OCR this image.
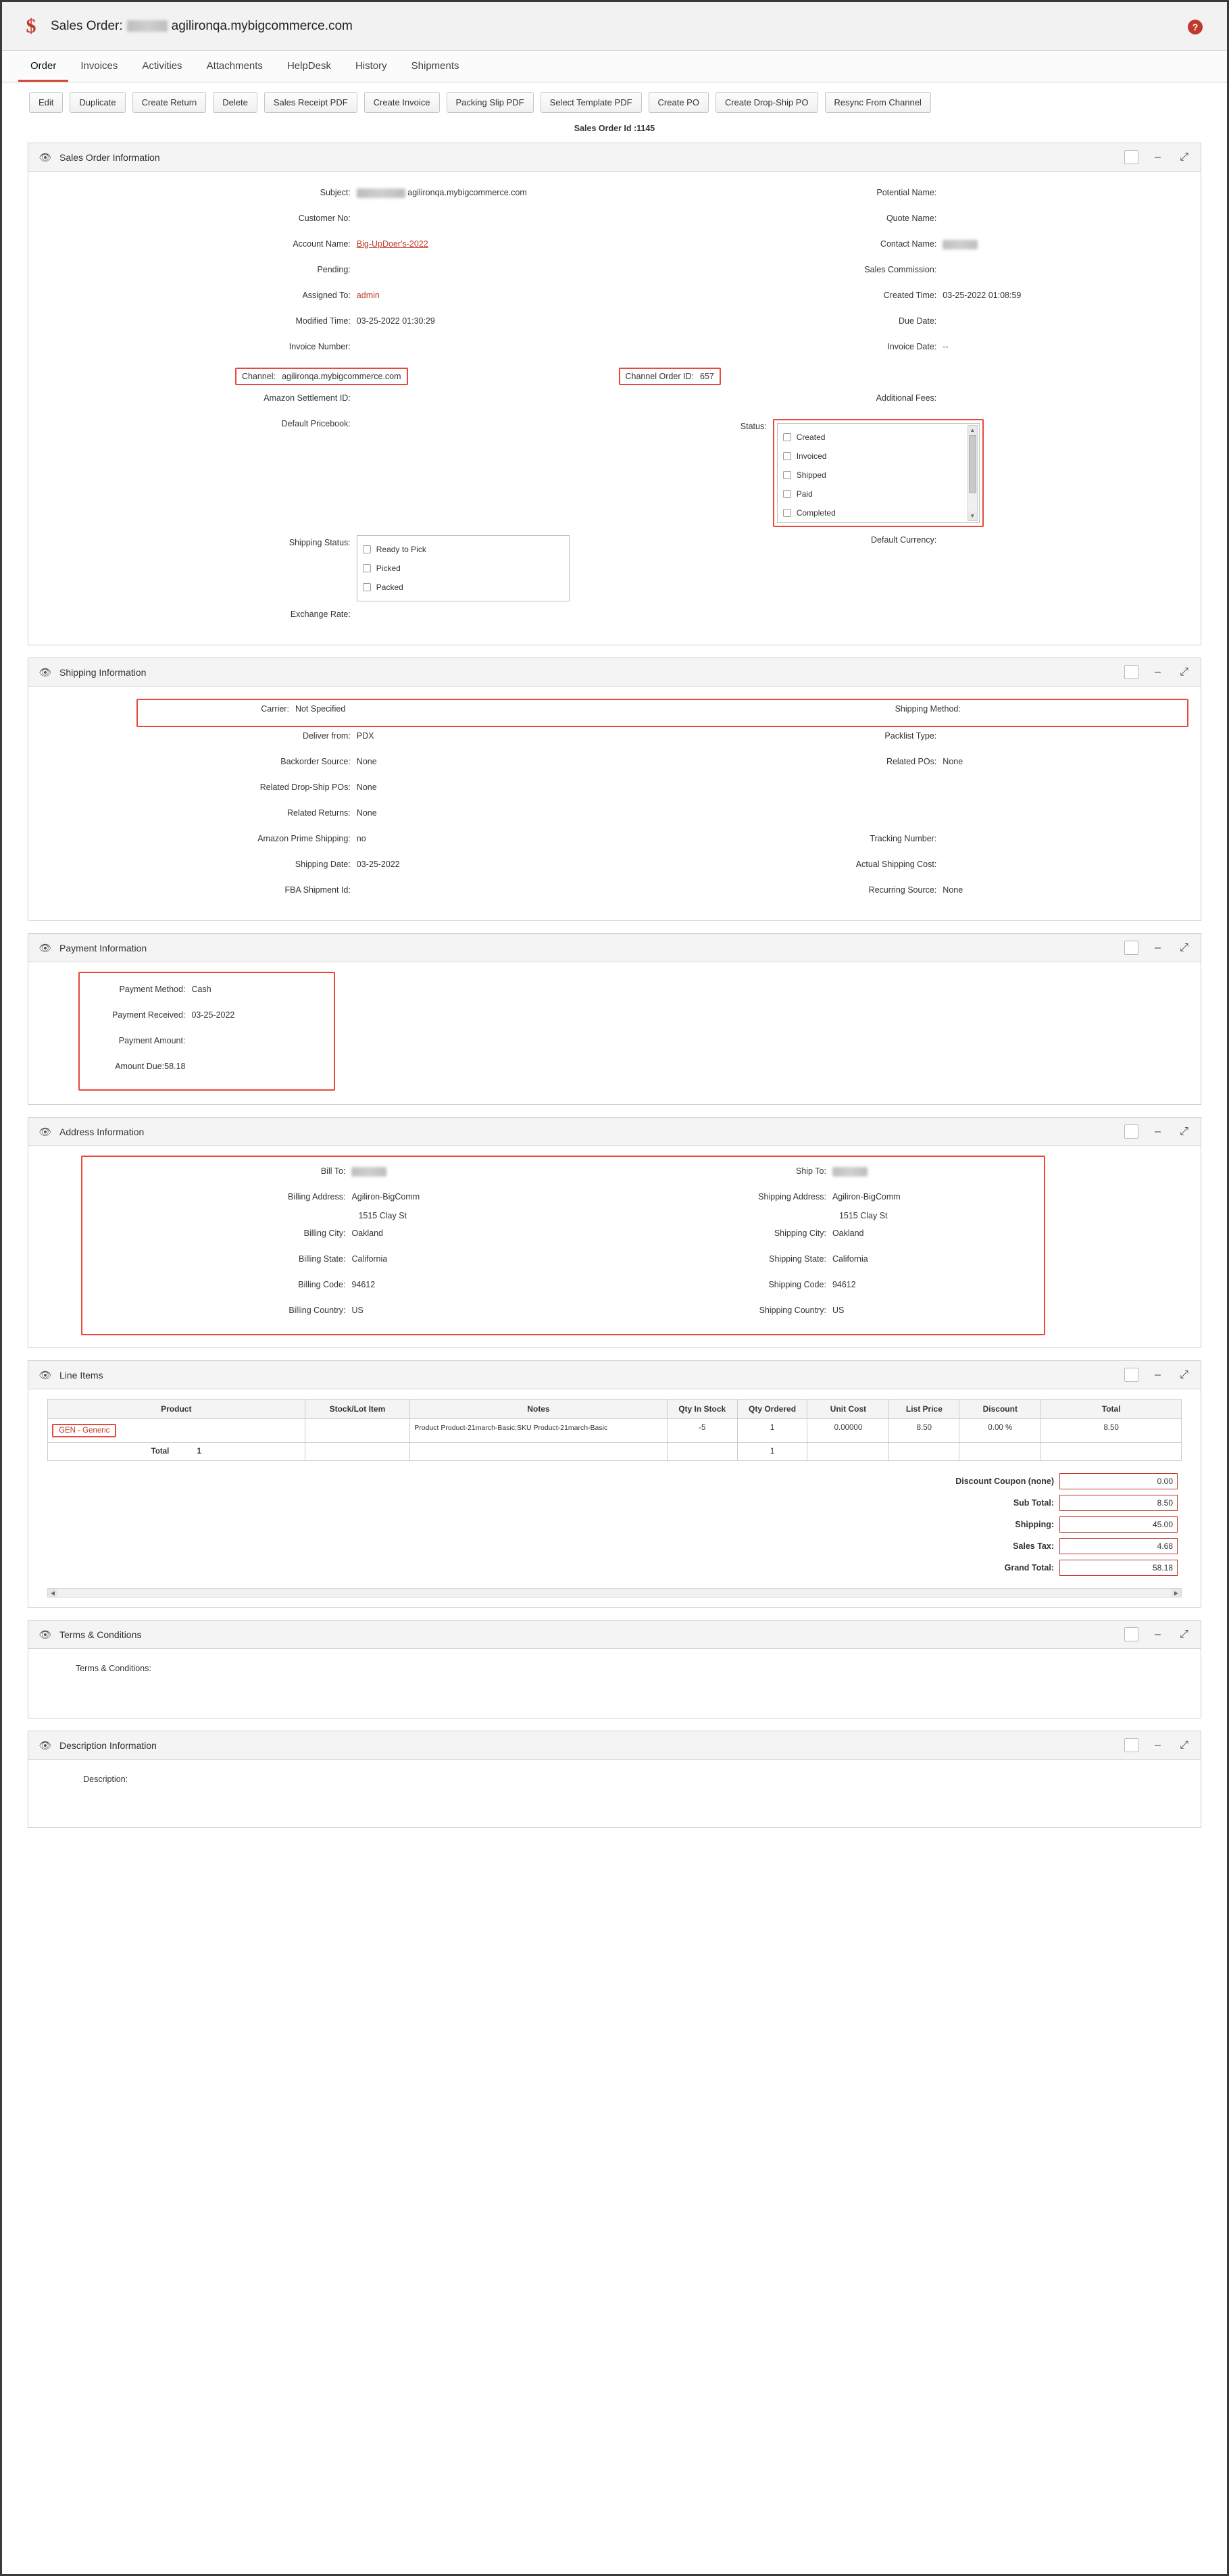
$	Sales Order:	agilironqa.mybigcommerce.com	?
Order	Invoices	Activities	Attachments	HelpDesk	History	Shipments
Edit	Duplicate	Create Return	Delete	Sales Receipt PDF	Create Invoice	Packing Slip PDF	Select Template PDF	Create PO	Create Drop-Ship PO	Resync From Channel
Sales Order Id :1145
👁 Sales Order Information	–	⤢
Subject:	agilironqa.mybigcommerce.com	Potential Name:
Customer No:	Quote Name:
Account Name: Big-UpDoer's-2022	Contact Name:
Pending:	Sales Commission:
Assigned To: admin	Created Time: 03-25-2022 01:08:59
Modified Time: 03-25-2022 01:30:29	Due Date:
Invoice Number:	Invoice Date: --
Channel: agilironqa.mybigcommerce.com	Channel Order ID: 657
Amazon Settlement ID:	Additional Fees:
Default Pricebook:	Status:
Created
Invoiced
Shipped
Paid
Completed
▲
▼
Shipping Status:
Ready to Pick
Picked
Packed
Default Currency:
Exchange Rate:
👁 Shipping Information	–	⤢
Carrier: Not Specified	Shipping Method:
Deliver from: PDX	Packlist Type:
Backorder Source: None	Related POs: None
Related Drop-Ship POs: None
Related Returns: None
Amazon Prime Shipping: no	Tracking Number:
Shipping Date: 03-25-2022	Actual Shipping Cost:
FBA Shipment Id:	Recurring Source: None
👁 Payment Information	–	⤢
Payment Method: Cash
Payment Received: 03-25-2022
Payment Amount:
Amount Due:58.18
👁 Address Information	–	⤢
Bill To:	Ship To:
Billing Address: Agiliron-BigComm
1515 Clay St
Shipping Address: Agiliron-BigComm
1515 Clay St
Billing City: Oakland	Shipping City: Oakland
Billing State: California	Shipping State: California
Billing Code: 94612	Shipping Code: 94612
Billing Country: US	Shipping Country: US
👁 Line Items	–	⤢
Product	Stock/Lot Item	Notes	Qty In Stock	Qty Ordered	Unit Cost	List Price	Discount	Total
GEN - Generic		Product Product-21march-Basic;SKU Product-21march-Basic	-5	1	0.00000	8.50	0.00 %	8.50
Total 1				1				
Discount Coupon (none)	0.00

Sub Total:	8.50

Shipping:	45.00

Sales Tax:	4.68

Grand Total:	58.18
◀	▶
👁 Terms & Conditions	–	⤢
Terms & Conditions:
👁 Description Information	–	⤢
Description:
